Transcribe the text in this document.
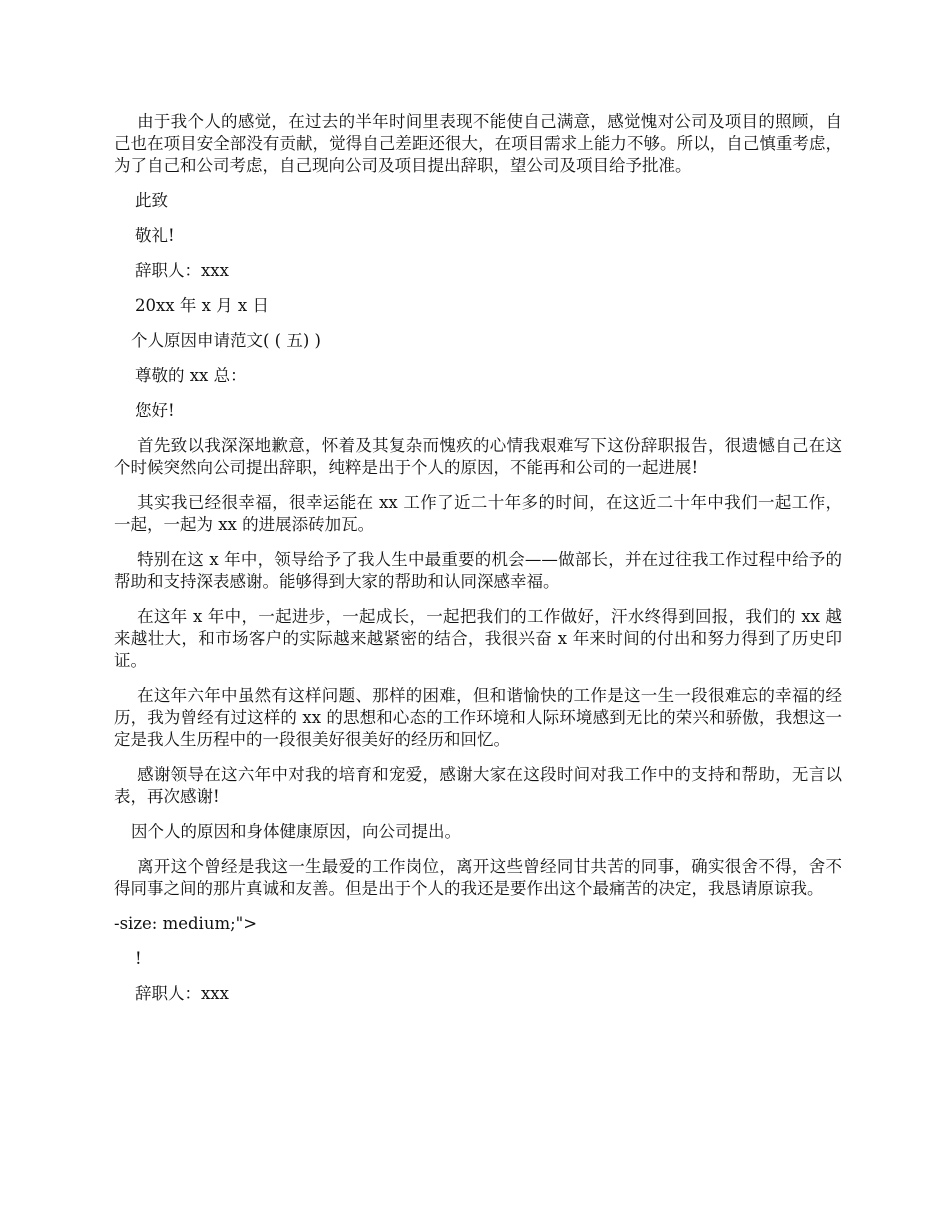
由于我个人的感觉，在过去的半年时间里表现不能使自己满意，感觉愧对公司及项目的照顾，自己也在项目安全部没有贡献，觉得自己差距还很大，在项目需求上能力不够。所以，自己慎重考虑，为了自己和公司考虑，自己现向公司及项目提出辞职，望公司及项目给予批准。

此致

敬礼!

辞职人：xxx

20xx 年 x 月 x 日

个人原因申请范文( ( 五) )

尊敬的 xx 总：

您好!

首先致以我深深地歉意，怀着及其复杂而愧疚的心情我艰难写下这份辞职报告，很遗憾自己在这个时候突然向公司提出辞职，纯粹是出于个人的原因，不能再和公司的一起进展!

其实我已经很幸福，很幸运能在 xx 工作了近二十年多的时间，在这近二十年中我们一起工作，一起，一起为 xx 的进展添砖加瓦。

特别在这 x 年中，领导给予了我人生中最重要的机会——做部长，并在过往我工作过程中给予的帮助和支持深表感谢。能够得到大家的帮助和认同深感幸福。

在这年 x 年中，一起进步，一起成长，一起把我们的工作做好，汗水终得到回报，我们的 xx 越来越壮大，和市场客户的实际越来越紧密的结合，我很兴奋 x 年来时间的付出和努力得到了历史印证。

在这年六年中虽然有这样问题、那样的困难，但和谐愉快的工作是这一生一段很难忘的幸福的经历，我为曾经有过这样的 xx 的思想和心态的工作环境和人际环境感到无比的荣兴和骄傲，我想这一定是我人生历程中的一段很美好很美好的经历和回忆。

感谢领导在这六年中对我的培育和宠爱，感谢大家在这段时间对我工作中的支持和帮助，无言以表，再次感谢!

因个人的原因和身体健康原因，向公司提出。

离开这个曾经是我这一生最爱的工作岗位，离开这些曾经同甘共苦的同事，确实很舍不得，舍不得同事之间的那片真诚和友善。但是出于个人的我还是要作出这个最痛苦的决定，我恳请原谅我。

-size: medium;">

!

辞职人：xxx
